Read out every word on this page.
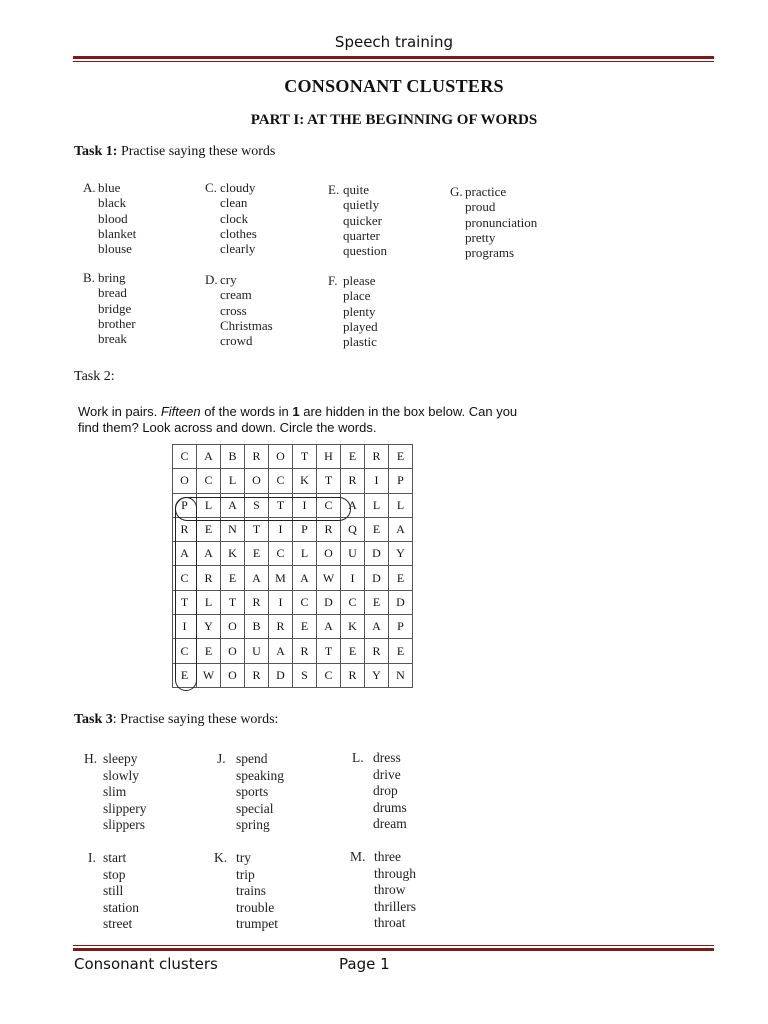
Speech training
CONSONANT CLUSTERS
PART I: AT THE BEGINNING OF WORDS
Task 1: Practise saying these words
A. blue
black
blood
blanket
blouse
C. cloudy
clean
clock
clothes
clearly
E. quite
quietly
quicker
quarter
question
G. practice
proud
pronunciation
pretty
programs
B. bring
bread
bridge
brother
break
D. cry
cream
cross
Christmas
crowd
F. please
place
plenty
played
plastic
Task 2:
Work in pairs. Fifteen of the words in 1 are hidden in the box below. Can you find them? Look across and down. Circle the words.
C	A	B	R	O	T	H	E	R	E
O	C	L	O	C	K	T	R	I	P
P	L	A	S	T	I	C	A	L	L
R	E	N	T	I	P	R	Q	E	A
A	A	K	E	C	L	O	U	D	Y
C	R	E	A	M	A	W	I	D	E
T	L	T	R	I	C	D	C	E	D
I	Y	O	B	R	E	A	K	A	P
C	E	O	U	A	R	T	E	R	E
E	W	O	R	D	S	C	R	Y	N
Task 3: Practise saying these words:
H. sleepy
slowly
slim
slippery
slippers
J. spend
speaking
sports
special
spring
L. dress
drive
drop
drums
dream
I. start
stop
still
station
street
K. try
trip
trains
trouble
trumpet
M. three
through
throw
thrillers
throat
Consonant clusters	Page 1
